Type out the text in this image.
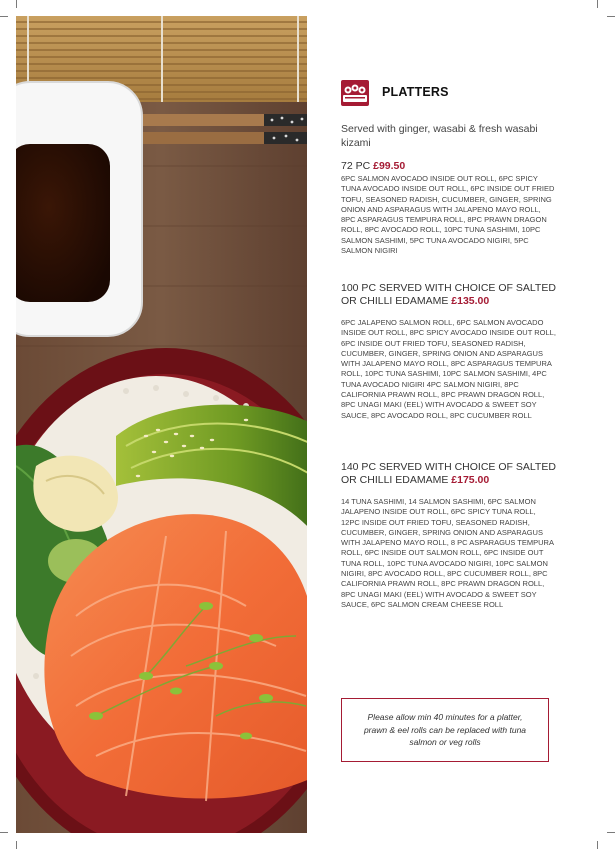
PLATTERS
Served with ginger, wasabi & fresh wasabi kizami
72 PC £99.50
6PC SALMON AVOCADO INSIDE OUT ROLL, 6PC SPICY TUNA AVOCADO INSIDE OUT ROLL, 6PC INSIDE OUT FRIED TOFU, SEASONED RADISH, CUCUMBER, GINGER, SPRING ONION AND ASPARAGUS WITH JALAPENO MAYO ROLL, 8PC ASPARAGUS TEMPURA ROLL, 8PC PRAWN DRAGON ROLL, 8PC AVOCADO ROLL, 10PC TUNA SASHIMI, 10PC SALMON SASHIMI, 5PC TUNA AVOCADO NIGIRI, 5PC SALMON NIGIRI
100 PC SERVED WITH CHOICE OF SALTED OR CHILLI EDAMAME £135.00
6PC JALAPENO SALMON ROLL, 6PC SALMON AVOCADO INSIDE OUT ROLL, 8PC SPICY AVOCADO INSIDE OUT ROLL, 6PC INSIDE OUT FRIED TOFU, SEASONED RADISH, CUCUMBER, GINGER, SPRING ONION AND ASPARAGUS WITH JALAPENO MAYO ROLL, 8PC ASPARAGUS TEMPURA ROLL, 10PC TUNA SASHIMI, 10PC SALMON SASHIMI, 4PC TUNA AVOCADO NIGIRI 4PC SALMON NIGIRI, 8PC CALIFORNIA PRAWN ROLL, 8PC PRAWN DRAGON ROLL, 8PC UNAGI MAKI (EEL) WITH AVOCADO & SWEET SOY SAUCE, 8PC AVOCADO ROLL, 8PC CUCUMBER ROLL
140 PC SERVED WITH CHOICE OF SALTED OR CHILLI EDAMAME £175.00
14 TUNA SASHIMI, 14 SALMON SASHIMI, 6PC SALMON JALAPENO INSIDE OUT ROLL, 6PC SPICY TUNA ROLL, 12PC INSIDE OUT FRIED TOFU, SEASONED RADISH, CUCUMBER, GINGER, SPRING ONION AND ASPARAGUS WITH JALAPENO MAYO ROLL, 8 PC ASPARAGUS TEMPURA ROLL, 6PC INSIDE OUT SALMON ROLL, 6PC INSIDE OUT TUNA ROLL, 10PC TUNA AVOCADO NIGIRI, 10PC SALMON NIGIRI, 8PC AVOCADO ROLL, 8PC CUCUMBER ROLL, 8PC CALIFORNIA PRAWN ROLL, 8PC PRAWN DRAGON ROLL, 8PC UNAGI MAKI (EEL) WITH AVOCADO & SWEET SOY SAUCE, 6PC SALMON CREAM CHEESE ROLL
Please allow min 40 minutes for a platter, prawn & eel rolls can be replaced with tuna salmon or veg rolls
